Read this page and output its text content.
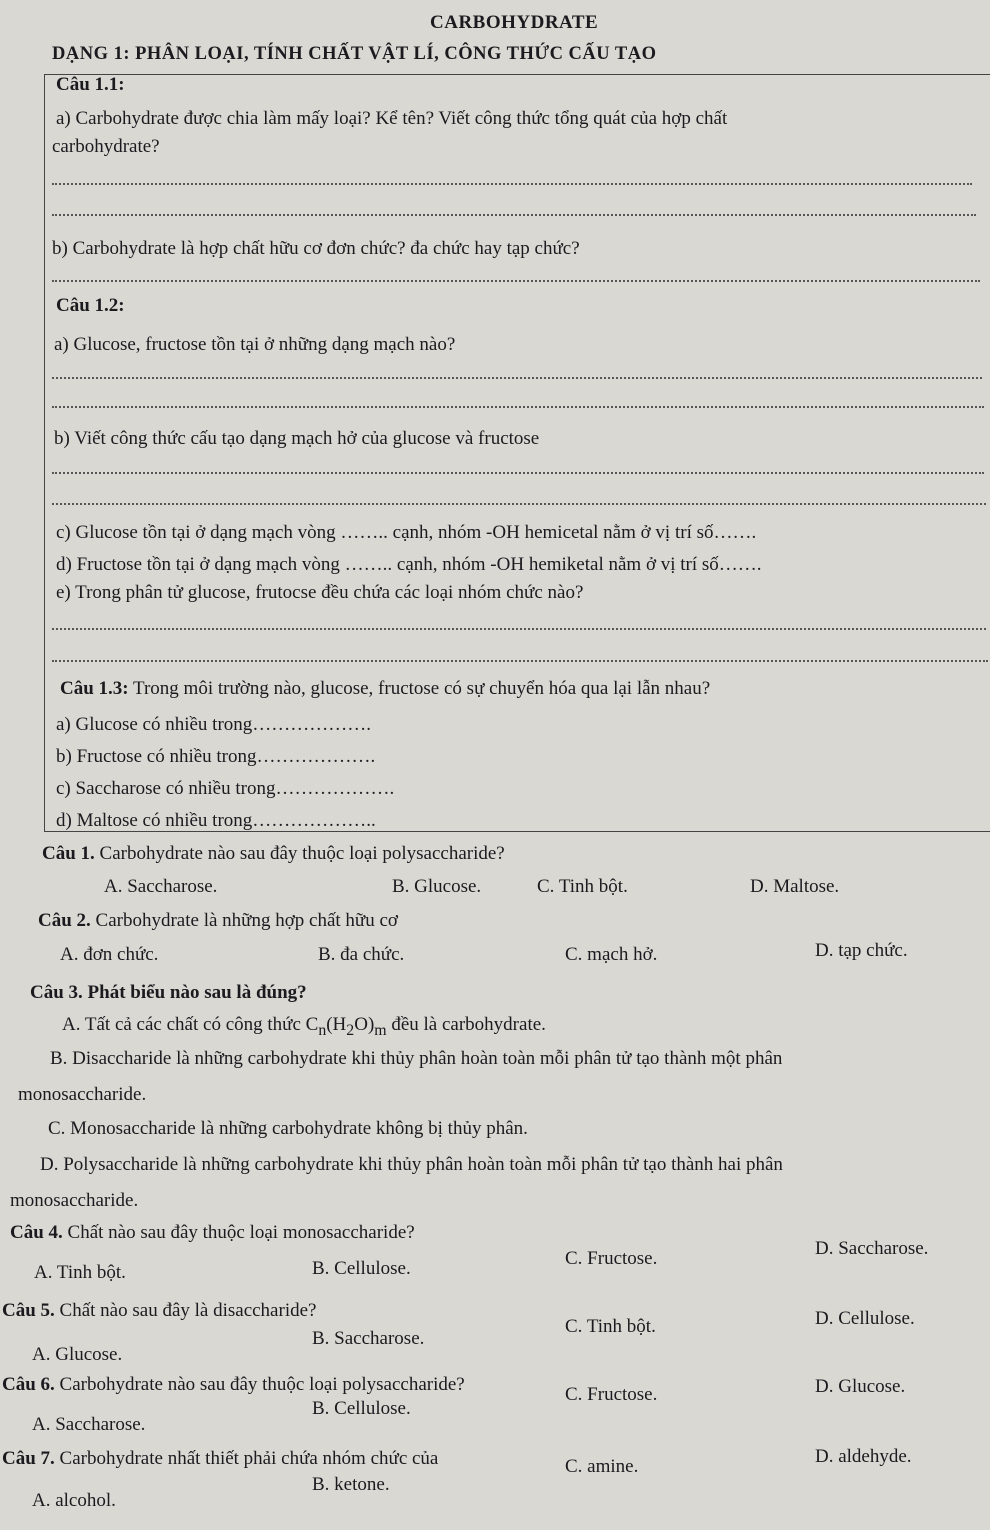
CARBOHYDRATE
DẠNG 1: PHÂN LOẠI, TÍNH CHẤT VẬT LÍ, CÔNG THỨC CẤU TẠO
Câu 1.1:
a) Carbohydrate được chia làm mấy loại? Kể tên? Viết công thức tổng quát của hợp chất
carbohydrate?
b) Carbohydrate là hợp chất hữu cơ đơn chức? đa chức hay tạp chức?
Câu 1.2:
a) Glucose, fructose tồn tại ở những dạng mạch nào?
b) Viết công thức cấu tạo dạng mạch hở của glucose và fructose
c) Glucose tồn tại ở dạng mạch vòng …….. cạnh, nhóm -OH hemicetal nằm ở vị trí số…….
d) Fructose tồn tại ở dạng mạch vòng …….. cạnh, nhóm -OH hemiketal nằm ở vị trí số…….
e) Trong phân tử glucose, frutocse đều chứa các loại nhóm chức nào?
Câu 1.3: Trong môi trường nào, glucose, fructose có sự chuyển hóa qua lại lẫn nhau?
a) Glucose có nhiều trong……………….
b) Fructose có nhiều trong……………….
c) Saccharose có nhiều trong……………….
d) Maltose có nhiều trong………………..
Câu 1. Carbohydrate nào sau đây thuộc loại polysaccharide?
A. Saccharose.	B. Glucose.	C. Tinh bột.	D. Maltose.
Câu 2. Carbohydrate là những hợp chất hữu cơ
A. đơn chức.	B. đa chức.	C. mạch hở.	D. tạp chức.
Câu 3. Phát biểu nào sau là đúng?
A. Tất cả các chất có công thức $C_n(H_2O)_m$ đều là carbohydrate.
B. Disaccharide là những carbohydrate khi thủy phân hoàn toàn mỗi phân tử tạo thành một phân
monosaccharide.
C. Monosaccharide là những carbohydrate không bị thủy phân.
D. Polysaccharide là những carbohydrate khi thủy phân hoàn toàn mỗi phân tử tạo thành hai phân
monosaccharide.
Câu 4. Chất nào sau đây thuộc loại monosaccharide?
A. Tinh bột.	B. Cellulose.	C. Fructose.	D. Saccharose.
Câu 5. Chất nào sau đây là disaccharide?
A. Glucose.
B. Saccharose.
C. Tinh bột.	D. Cellulose.
Câu 6. Carbohydrate nào sau đây thuộc loại polysaccharide?
A. Saccharose.
B. Cellulose.
C. Fructose.	D. Glucose.
Câu 7. Carbohydrate nhất thiết phải chứa nhóm chức của
A. alcohol.
B. ketone.
C. amine.	D. aldehyde.
